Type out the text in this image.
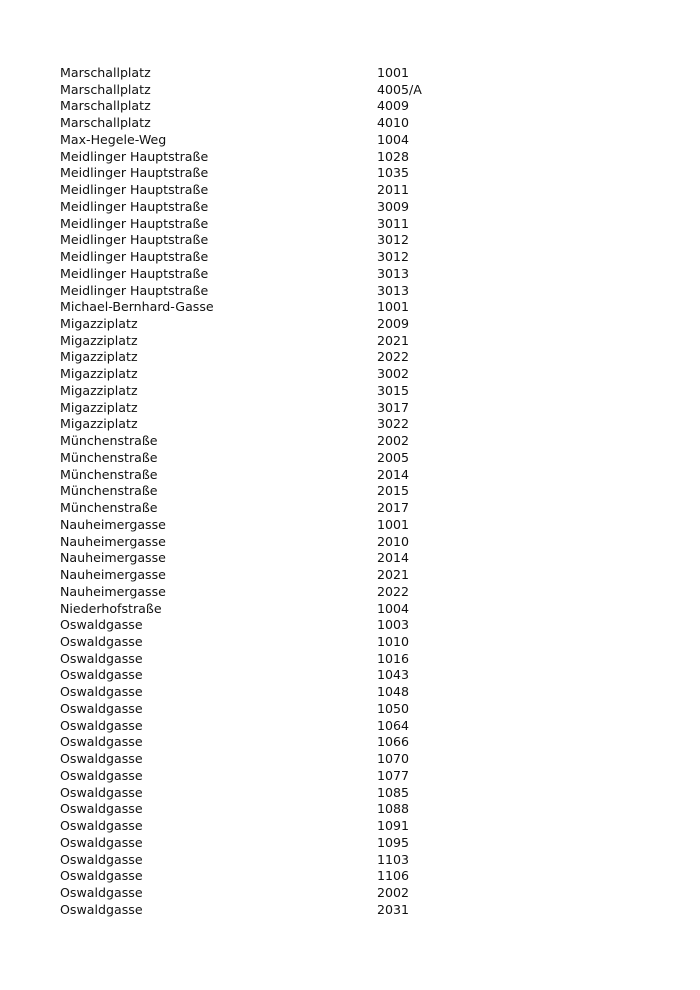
Marschallplatz	1001
Marschallplatz	4005/A
Marschallplatz	4009
Marschallplatz	4010
Max-Hegele-Weg	1004
Meidlinger Hauptstraße	1028
Meidlinger Hauptstraße	1035
Meidlinger Hauptstraße	2011
Meidlinger Hauptstraße	3009
Meidlinger Hauptstraße	3011
Meidlinger Hauptstraße	3012
Meidlinger Hauptstraße	3012
Meidlinger Hauptstraße	3013
Meidlinger Hauptstraße	3013
Michael-Bernhard-Gasse	1001
Migazziplatz	2009
Migazziplatz	2021
Migazziplatz	2022
Migazziplatz	3002
Migazziplatz	3015
Migazziplatz	3017
Migazziplatz	3022
Münchenstraße	2002
Münchenstraße	2005
Münchenstraße	2014
Münchenstraße	2015
Münchenstraße	2017
Nauheimergasse	1001
Nauheimergasse	2010
Nauheimergasse	2014
Nauheimergasse	2021
Nauheimergasse	2022
Niederhofstraße	1004
Oswaldgasse	1003
Oswaldgasse	1010
Oswaldgasse	1016
Oswaldgasse	1043
Oswaldgasse	1048
Oswaldgasse	1050
Oswaldgasse	1064
Oswaldgasse	1066
Oswaldgasse	1070
Oswaldgasse	1077
Oswaldgasse	1085
Oswaldgasse	1088
Oswaldgasse	1091
Oswaldgasse	1095
Oswaldgasse	1103
Oswaldgasse	1106
Oswaldgasse	2002
Oswaldgasse	2031
